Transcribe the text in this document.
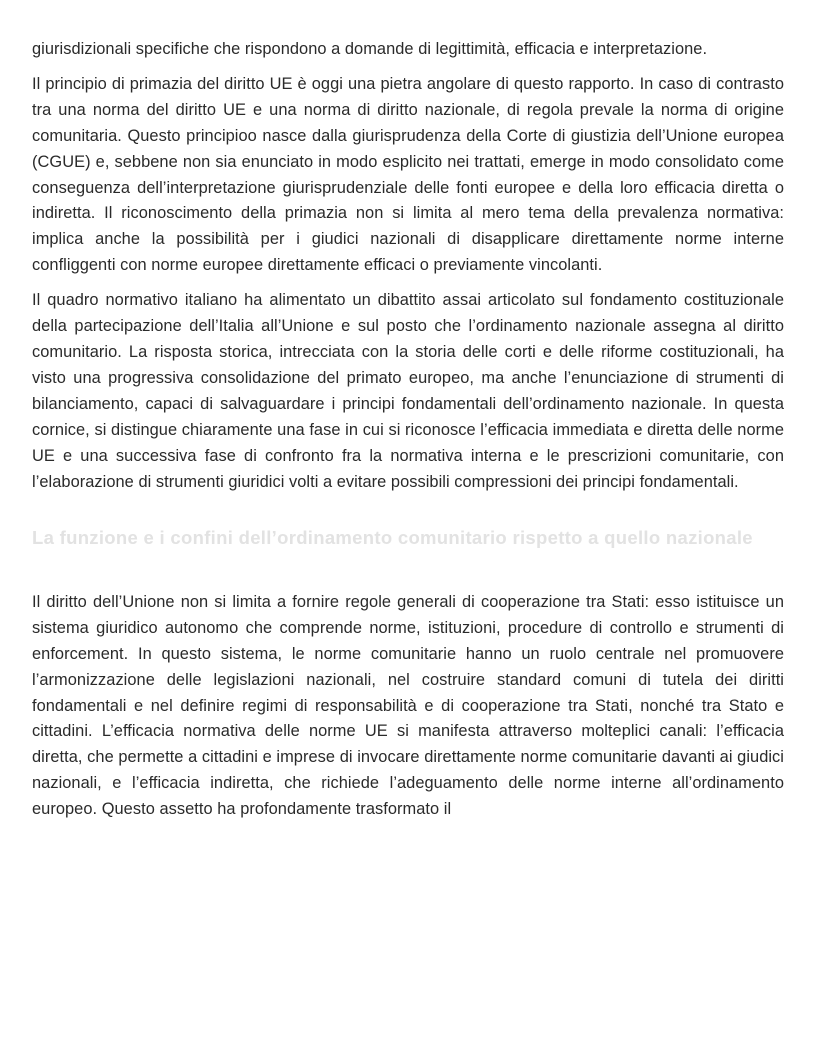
giurisdizionali specifiche che rispondono a domande di legittimità, efficacia e interpretazione.

Il principio di primazia del diritto UE è oggi una pietra angolare di questo rapporto. In caso di contrasto tra una norma del diritto UE e una norma di diritto nazionale, di regola prevale la norma di origine comunitaria. Questo principioo nasce dalla giurisprudenza della Corte di giustizia dell’Unione europea (CGUE) e, sebbene non sia enunciato in modo esplicito nei trattati, emerge in modo consolidato come conseguenza dell’interpretazione giurisprudenziale delle fonti europee e della loro efficacia diretta o indiretta. Il riconoscimento della primazia non si limita al mero tema della prevalenza normativa: implica anche la possibilità per i giudici nazionali di disapplicare direttamente norme interne confliggenti con norme europee direttamente efficaci o previamente vincolanti.

Il quadro normativo italiano ha alimentato un dibattito assai articolato sul fondamento costituzionale della partecipazione dell’Italia all’Unione e sul posto che l’ordinamento nazionale assegna al diritto comunitario. La risposta storica, intrecciata con la storia delle corti e delle riforme costituzionali, ha visto una progressiva consolidazione del primato europeo, ma anche l’enunciazione di strumenti di bilanciamento, capaci di salvaguardare i principi fondamentali dell’ordinamento nazionale. In questa cornice, si distingue chiaramente una fase in cui si riconosce l’efficacia immediata e diretta delle norme UE e una successiva fase di confronto fra la normativa interna e le prescrizioni comunitarie, con l’elaborazione di strumenti giuridici volti a evitare possibili compressioni dei principi fondamentali.

La funzione e i confini dell’ordinamento comunitario rispetto a quello nazionale

Il diritto dell’Unione non si limita a fornire regole generali di cooperazione tra Stati: esso istituisce un sistema giuridico autonomo che comprende norme, istituzioni, procedure di controllo e strumenti di enforcement. In questo sistema, le norme comunitarie hanno un ruolo centrale nel promuovere l’armonizzazione delle legislazioni nazionali, nel costruire standard comuni di tutela dei diritti fondamentali e nel definire regimi di responsabilità e di cooperazione tra Stati, nonché tra Stato e cittadini. L’efficacia normativa delle norme UE si manifesta attraverso molteplici canali: l’efficacia diretta, che permette a cittadini e imprese di invocare direttamente norme comunitarie davanti ai giudici nazionali, e l’efficacia indiretta, che richiede l’adeguamento delle norme interne all’ordinamento europeo. Questo assetto ha profondamente trasformato il
